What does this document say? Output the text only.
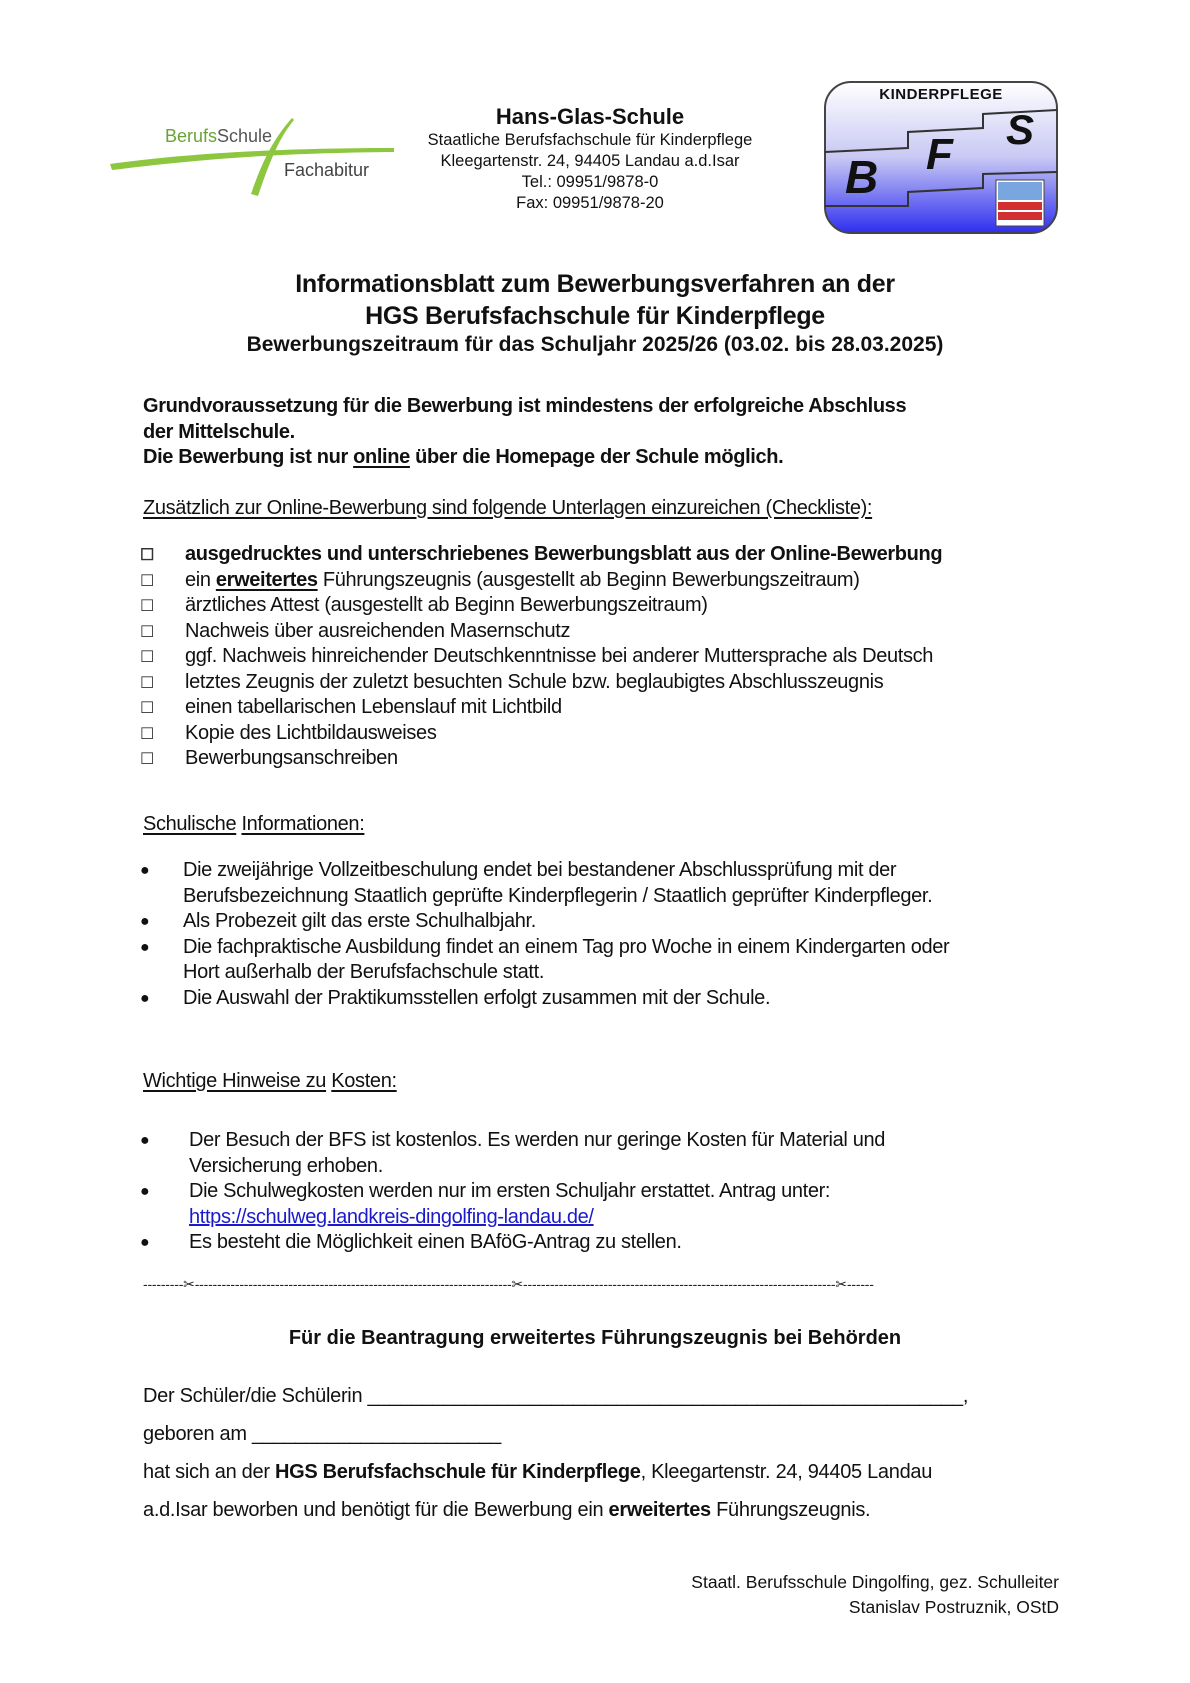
BerufsSchule
Fachabitur
Hans-Glas-Schule
Staatliche Berufsfachschule für Kinderpflege
Kleegartenstr. 24, 94405 Landau a.d.Isar
Tel.: 09951/9878-0
Fax: 09951/9878-20
KINDERPFLEGE
B F
S
Informationsblatt zum Bewerbungsverfahren an der
HGS Berufsfachschule für Kinderpflege
Bewerbungszeitraum für das Schuljahr 2025/26 (03.02. bis 28.03.2025)
Grundvoraussetzung für die Bewerbung ist mindestens der erfolgreiche Abschluss
der Mittelschule.
Die Bewerbung ist nur online über die Homepage der Schule möglich.
Zusätzlich zur Online-Bewerbung sind folgende Unterlagen einzureichen (Checkliste):
☐	ausgedrucktes und unterschriebenes Bewerbungsblatt aus der Online-Bewerbung
☐	ein erweitertes Führungszeugnis (ausgestellt ab Beginn Bewerbungszeitraum)
☐	ärztliches Attest (ausgestellt ab Beginn Bewerbungszeitraum)
☐	Nachweis über ausreichenden Masernschutz
☐	ggf. Nachweis hinreichender Deutschkenntnisse bei anderer Muttersprache als Deutsch
☐	letztes Zeugnis der zuletzt besuchten Schule bzw. beglaubigtes Abschlusszeugnis
☐	einen tabellarischen Lebenslauf mit Lichtbild
☐	Kopie des Lichtbildausweises
☐	Bewerbungsanschreiben
Schulische Informationen:
●	Die zweijährige Vollzeitbeschulung endet bei bestandener Abschlussprüfung mit der
Berufsbezeichnung Staatlich geprüfte Kinderpflegerin / Staatlich geprüfter Kinderpfleger.
●	Als Probezeit gilt das erste Schulhalbjahr.
●	Die fachpraktische Ausbildung findet an einem Tag pro Woche in einem Kindergarten oder
Hort außerhalb der Berufsfachschule statt.
●	Die Auswahl der Praktikumsstellen erfolgt zusammen mit der Schule.
Wichtige Hinweise zu Kosten:
●	Der Besuch der BFS ist kostenlos. Es werden nur geringe Kosten für Material und
Versicherung erhoben.
●	Die Schulwegkosten werden nur im ersten Schuljahr erstattet. Antrag unter:
https://schulweg.landkreis-dingolfing-landau.de/
●	Es besteht die Möglichkeit einen BAföG-Antrag zu stellen.
---------✂-----------------------------------------------------------------------✂----------------------------------------------------------------------✂------
Für die Beantragung erweitertes Führungszeugnis bei Behörden
Der Schüler/die Schülerin _______________________________________________________,
geboren am _______________________
hat sich an der HGS Berufsfachschule für Kinderpflege, Kleegartenstr. 24, 94405 Landau
a.d.Isar beworben und benötigt für die Bewerbung ein erweitertes Führungszeugnis.
Staatl. Berufsschule Dingolfing, gez. Schulleiter
Stanislav Postruznik, OStD
